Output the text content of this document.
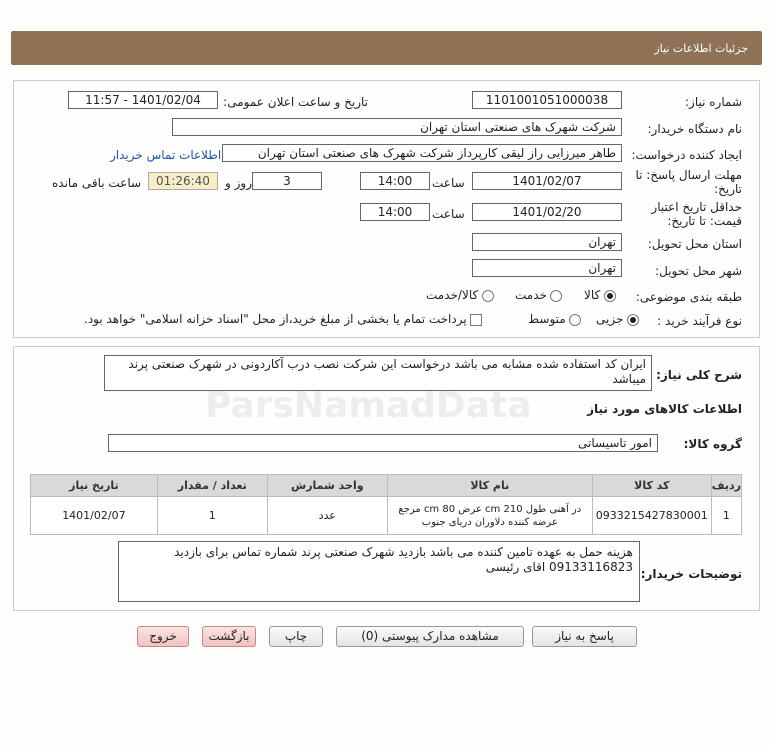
جزئیات اطلاعات نیاز
شماره نیاز:
1101001051000038
تاریخ و ساعت اعلان عمومی:
1401/02/04 - 11:57
نام دستگاه خریدار:
شرکت شهرک های صنعتی استان تهران
ایجاد کننده درخواست:
طاهر میرزایی راز لیقی کارپرداز شرکت شهرک های صنعتی استان تهران
اطلاعات تماس خریدار
مهلت ارسال پاسخ: تا
تاریخ:
1401/02/07
ساعت
14:00
3
روز و
01:26:40
ساعت باقی مانده
حداقل تاریخ اعتبار
قیمت: تا تاریخ:
1401/02/20
ساعت
14:00
استان محل تحویل:
تهران
شهر محل تحویل:
تهران
طبقه بندی موضوعی:
کالا
خدمت
کالا/خدمت
نوع فرآیند خرید :
جزیی
متوسط
پرداخت تمام یا بخشی از مبلغ خرید،از محل "اسناد خزانه اسلامی" خواهد بود.
شرح کلی نیاز:
ایران کد استفاده شده مشابه می باشد درخواست این شرکت نصب درب آکاردونی در شهرک صنعتی پرند میباشد
اطلاعات کالاهای مورد نیاز
گروه کالا:
امور تاسیساتی
ردیف	کد کالا	نام کالا	واحد شمارش	تعداد / مقدار	تاریخ نیاز
1	0933215427830001	در آهنی طول 210 cm عرض 80 cm مرجع عرضه کننده دلاوران دریای جنوب	عدد	1	1401/02/07
توضیحات خریدار:
هزینه حمل به عهده تامین کننده می باشد بازدید شهرک صنعتی پرند شماره تماس برای بازدید 09133116823 اقای رئیسی
پاسخ به نیاز
مشاهده مدارک پیوستی (0)
چاپ
بازگشت
خروج
